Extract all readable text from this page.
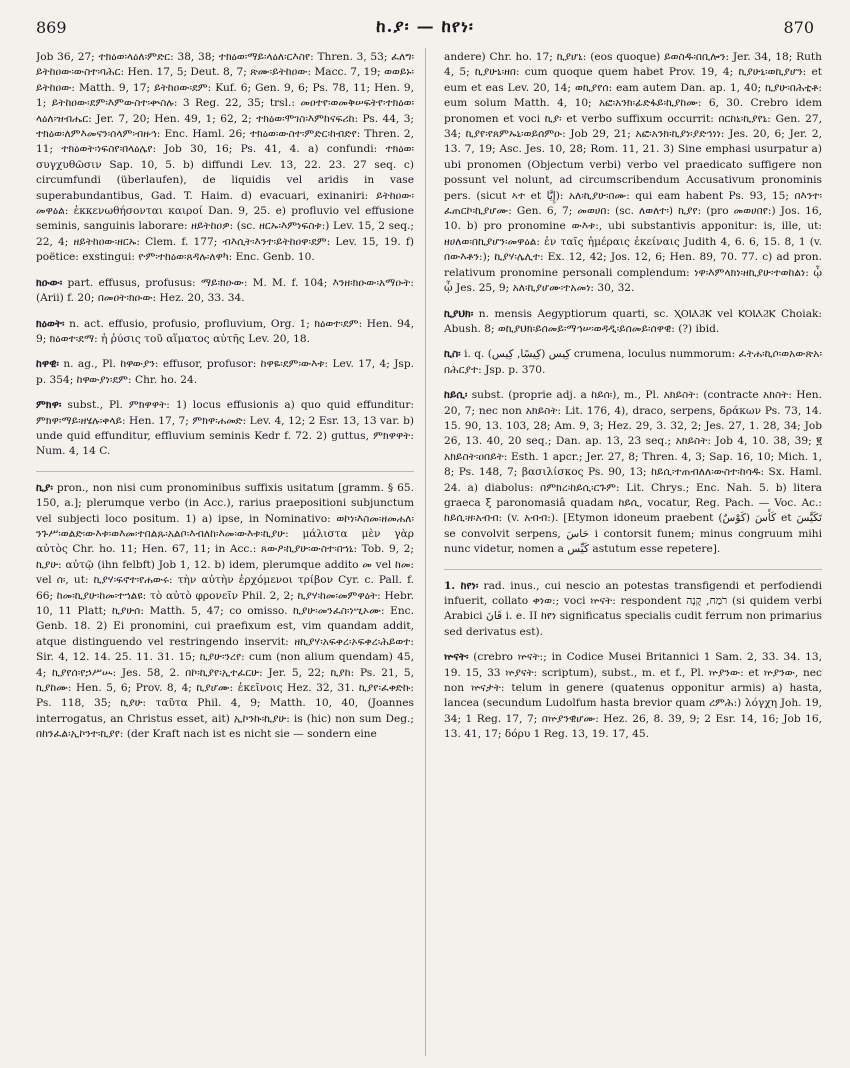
869	ከ.ያ፡ — ከየነ፡	870

Job 36, 27; ተክዕወ፡ላዕለ፡ምድር: 38, 38; ተክዕወ፡ማይ፡ላዕለ፡ርእስየ: Thren. 3, 53; ፈለግ፡ይትከዐው፡ውስተ፡ባሕር: Hen. 17, 5; Deut. 8, 7; ጽሙ፡ይትከዐው: Macc. 7, 19; ወወይኑ፡ይትከዐው: Matth. 9, 17; ይትከዐው፡ደም: Kuf. 6; Gen. 9, 6; Ps. 78, 11; Hen. 9, 1; ይትከዐው፡ደም፡እምውስተ፡ቍስሉ: 3 Reg. 22, 35; trsl.: መዐተየ፡ወመቅሠፍትየ፡ተክዕወ፡ላዕለ፡ዝብሔር: Jer. 7, 20; Hen. 49, 1; 62, 2; ተክዕወ፡ሞገስ፡እምከናፍሪከ: Ps. 44, 3; ተክዕወ፡ለምእመናን፡ሰላም፡ብዙኅ: Enc. Haml. 26; ተክዕወ፡ውስተ፡ምድር፡ከብድየ: Thren. 2, 11; ተክዕወት፡ነፍስየ፡በላዕሌየ: Job 30, 16; Ps. 41, 4. a) confundi: ተክዕወ፡ συγχυθῶσιν Sap. 10, 5. b) diffundi Lev. 13, 22. 23. 27 seq. c) circumfundi (überlaufen), de liquidis vel aridis in vase superabundantibus, Gad. T. Haim. d) evacuari, exinaniri: ይትከዐው፡መዋዕል: ἐκκενωθήσονται καιροί Dan. 9, 25. e) profluvio vel effusione seminis, sanguinis laborare: ዘይትከዐዎ: (sc. ዘርኡ፡እምነፍስቱ:) Lev. 15, 2 seq.; 22, 4; ዘይትከዐው፡ዘርኡ: Clem. f. 177; ብእሲት፡እንተ፡ይትከዐዋ፡ደም: Lev. 15, 19. f) poëtice: exstingui: ዮም፡ተከዕወ፡ጸዳሉ፡ለዋካ: Enc. Genb. 10.

ክዑው፡ part. effusus, profusus: ማይ፡ክዑው: M. M. f. 104; እንዘ፡ክዑው፡አማዑት: (Arii) f. 20; በመዐት፡ክዑው: Hez. 20, 33. 34.

ክዕወት፡ n. act. effusio, profusio, profluvium, Org. 1; ክዕወተ፡ደም: Hen. 94, 9; ክዕወተ፡ደማ: ἡ ῥύσις τοῦ αἵματος αὐτῆς Lev. 20, 18.

ከዋዊ፡ n. ag., Pl. ከዋውያን: effusor, profusor: ከዋዬ፡ደም፡ውእቱ: Lev. 17, 4; Jsp. p. 354; ከዋውያነ፡ደም: Chr. ho. 24.

ምክዋ፡ subst., Pl. ምክዋዋት: 1) locus effusionis a) quo quid effunditur: ምክዋ፡ማይ፡ዘሄሉ፡ቀላይ: Hen. 17, 7; ምክዋ፡ሐመድ: Lev. 4, 12; 2 Esr. 13, 13 var. b) unde quid effunditur, effluvium seminis Kedr f. 72. 2) guttus, ምክዋዋት: Num. 4, 14 C.

ኪያ፡ pron., non nisi cum pronominibus suffixis usitatum [gramm. § 65. 150, a.]; plerumque verbo (in Acc.), rarius praepositioni subjunctum vel subjecti loco positum. 1) a) ipse, in Nominativo: ወኮነ፡እስመ፡ዘመሐለ፡ንጉሥ፡ወልድ፡ውእቱ፡ወእመ፡ተበልጹ፡አልቦ፡እብለከ፡እመ፡ውእቱ፡ኪያሁ: μάλιστα μὲν γὰρ αὐτὸς Chr. ho. 11; Hen. 67, 11; in Acc.: ጸውዖ፡ኪያሁ፡ውስተ፡በኀኒ: Tob. 9, 2; ኪያሁ: αὐτῷ (ihn felbft) Job 1, 12. b) idem, plerumque addito መ vel ከመ: vel ሰ፡, ut: ኪያሃ፡ፍኖተ፡የሐውሩ: τὴν αὐτὴν ἐρχόμενοι τρίβον Cyr. c. Pall. f. 66; ከመ፡ኪያሁ፡ከመ፡ተኀልዩ: τὸ αὐτὸ φρονεῖν Phil. 2, 2; ኪያሃ፡ከመ፡መምዋዕት: Hebr. 10, 11 Platt; ኪያሁሰ: Matth. 5, 47; co omisso. ኪያሁ፡መንፈስ፡ነሢኦሙ: Enc. Genb. 18. 2) Ei pronomini, cui praefixum est, vim quandam addit, atque distinguendo vel restringendo inservit: ዘኪያሃ፡አፍቀረ፡ኦፍቀረ፡ሕይወተ: Sir. 4, 12. 14. 25. 11. 31. 15; ኪያሁ፡ንረየ: cum (non alium quendam) 45, 4; ኪያየሰ፡የኃሥሡ: Jes. 58, 2. በኮ፡ኪያየ፡ኢተፈርሁ: Jer. 5, 22; ኪያከ: Ps. 21, 5, ኪያከሙ: Hen. 5, 6; Prov. 8, 4; ኪያሆሙ: ἐκεῖνοις Hez. 32, 31. ኪያየ፡ፈቀድኩ: Ps. 118, 35; ኪያሁ: ταῦτα Phil. 4, 9; Matth. 10, 40, (Joannes interrogatus, an Christus esset, ait) ኢኮንኩ፡ኪያሁ: is (hic) non sum Deg.; በከንፈል፡ኢኮንተ፡ኪያየ: (der Kraft nach ist es nicht sie — sondern eine

andere) Chr. ho. 17; ኪያሆኒ: (eos quoque) ይወስዱ፡በቢሎን: Jer. 34, 18; Ruth 4, 5; ኪያሁኒ፡ዘበ: cum quoque quem habet Prov. 19, 4; ኪያሁኒ፡ወኪያሆን: et eum et eas Lev. 20, 14; ወኪያየሰ: eam autem Dan. ap. 1, 40; ኪያሁ፡በሕቲቶ: eum solum Matth. 4, 10; አፎ፡አንክ፡ፊድፋይ፡ኪያከሙ: 6, 30. Crebro idem pronomen et voci ኪያ፡ et verbo suffixum occurrit: በርከኒ፡ኪያየኒ: Gen. 27, 34; ኪያየ፡የጸምኡኒ፡ወይሰምዑ: Job 29, 21; አፎ፡አንክ፡ኪያነ፡ያድኅነነ: Jes. 20, 6; Jer. 2, 13. 7, 19; Asc. Jes. 10, 28; Rom. 11, 21. 3) Sine emphasi usurpatur a) ubi pronomen (Objectum verbi) verbo vel praedicato suffigere non possunt vel nolunt, ad circumscribendum Accusativum pronominis pers. (sicut ኣተ et إِيَّا): አለ፡ኪያሁ፡በሙ: qui eam habent Ps. 93, 15; በእንተ፡ፈጠርኮ፡ኪያሆሙ: Gen. 6, 7; መወሀበ: (sc. ለወለተ፡) ኪያየ: (pro መወሀበየ:) Jos. 16, 10. b) pro pronomine ውእቱ:, ubi substantivis apponitur: is, ille, ut: ዘሀለወ፡በኪያሆን፡መዋዕል: ἐν ταῖς ἡμέραις ἐκείναις Judith 4, 6. 6, 15. 8, 1 (v. በውእቶን:); ኪያሃ፡ሌሊተ: Ex. 12, 42; Jos. 12, 6; Hen. 89, 70. 77. c) ad pron. relativum pronomine personali complendum: ነዋ፡እምላክነ፡ዘኪያሁ፡ተወከልነ: ᾧ ᾧ Jes. 25, 9; አለ፡ኪያሆሙ፡ተአመነ: 30, 32.

ኪያህክ፡ n. mensis Aegyptiorum quarti, sc. ⲬⲞⲒⲀϨⲔ vel ⲔⲞⲒⲀϨⲔ Choiak: Abush. 8; ወኪያህክ፡ይሰመይ፡ማኅሠ፡ወዳዲ፡ይሰመይ፡ሰዋዊ: (?) ibid.

ኪስ፡ i. q. كِيس (كِيسًا, كِيس) crumena, loculus nummorum: ፈትሐ፡ኪሶ፡ወአውጽአ፡በሕርያተ: Jsp. p. 370.

ከይሲ፡ subst. (proprie adj. a ከይሰ፡), m., Pl. አክይስት: (contracte አክስት: Hen. 20, 7; nec non አክይስት: Lit. 176, 4), draco, serpens, δράκων Ps. 73, 14. 15. 90, 13. 103, 28; Am. 9, 3; Hez. 29, 3. 32, 2; Jes. 27, 1. 28, 34; Job 26, 13. 40, 20 seq.; Dan. ap. 13, 23 seq.; አክይስት: Job 4, 10. 38, 39; ፪ አክይስት፡ዐበይት: Esth. 1 apcr.; Jer. 27, 8; Thren. 4, 3; Sap. 16, 10; Mich. 1, 8; Ps. 148, 7; βασιλίσκος Ps. 90, 13; ከይሲ፡ተጠብለለ፡ውስተ፡ከሳዱ: Sx. Haml. 24. a) diabolus: በምክረ፡ከይሲ፡ርጉም: Lit. Chrys.; Enc. Nah. 5. b) litera graeca ξ paronomasiâ quadam ከይሲ, vocatur, Reg. Pach. — Voc. Ac.: ከይሲ፡ዘ፡አብብ: (v. አብብ:). [Etymon idoneum praebent كَأَسَ (كَوْسٌ) et تَكَيَّسَ se convolvit serpens, حَاسَ i contorsit funem; minus congruum mihi nunc videtur, nomen a كَيِّس astutum esse repetere].

1. ከየነ፡ rad. inus., cui nescio an potestas transfigendi et perfodiendi infuerit, collato ቀነወ:; voci ኵናት: respondent רֹמַח, קָנָה (si quidem verbi Arabici قَانَ i. e. II ከየነ significatus specialis cudit ferrum non primarius sed derivatus est).

ኵናት፡ (crebro ኵናት:; in Codice Musei Britannici 1 Sam. 2, 33. 34. 13, 19. 15, 33 ኵያናት: scriptum), subst., m. et f., Pl. ኵያንው: et ኵያንው, nec non ኵናታት: telum in genere (quatenus opponitur armis) a) hasta, lancea (secundum Ludolfum hasta brevior quam ረምሕ:) λόγχη Joh. 19, 34; 1 Reg. 17, 7; በኵያንዊሆሙ: Hez. 26, 8. 39, 9; 2 Esr. 14, 16; Job 16, 13. 41, 17; δόρυ 1 Reg. 13, 19. 17, 45.
